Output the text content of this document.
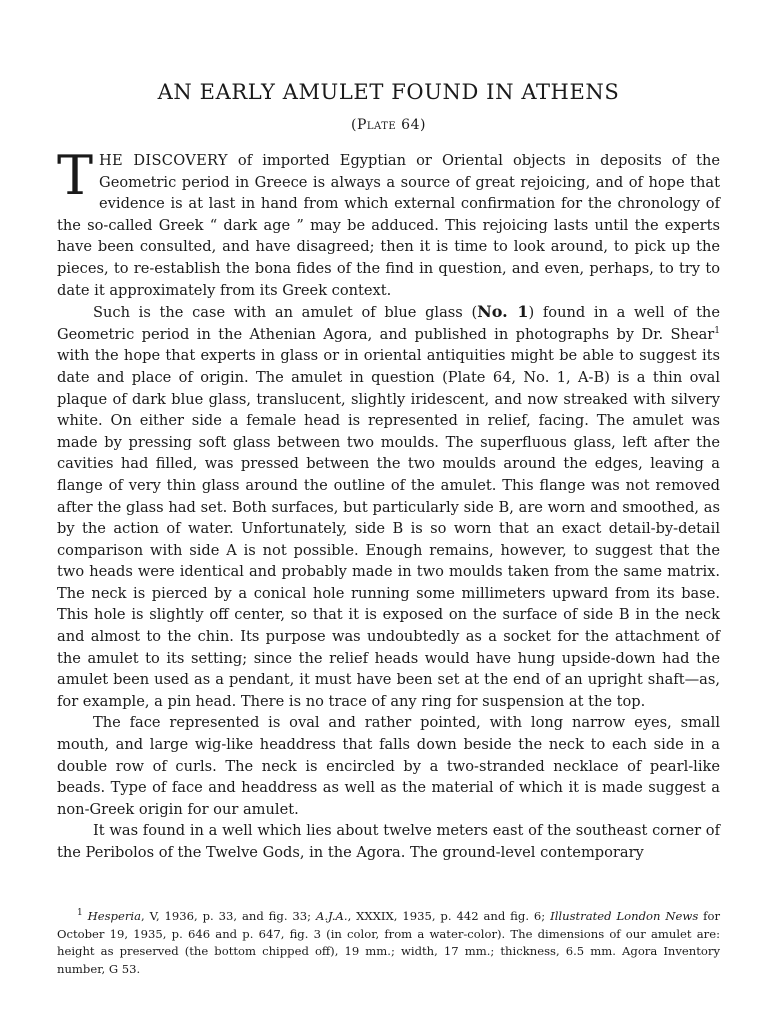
AN EARLY AMULET FOUND IN ATHENS
(Plate 64)

THE DISCOVERY of imported Egyptian or Oriental objects in deposits of the Geometric period in Greece is always a source of great rejoicing, and of hope that evidence is at last in hand from which external confirmation for the chronology of the so-called Greek “ dark age ” may be adduced. This rejoicing lasts until the experts have been consulted, and have disagreed; then it is time to look around, to pick up the pieces, to re-establish the bona fides of the find in question, and even, perhaps, to try to date it approximately from its Greek context.

Such is the case with an amulet of blue glass (No. 1) found in a well of the Geometric period in the Athenian Agora, and published in photographs by Dr. Shear$^1$ with the hope that experts in glass or in oriental antiquities might be able to suggest its date and place of origin. The amulet in question (Plate 64, No. 1, A-B) is a thin oval plaque of dark blue glass, translucent, slightly iridescent, and now streaked with silvery white. On either side a female head is represented in relief, facing. The amulet was made by pressing soft glass between two moulds. The superfluous glass, left after the cavities had filled, was pressed between the two moulds around the edges, leaving a flange of very thin glass around the outline of the amulet. This flange was not removed after the glass had set. Both surfaces, but particularly side B, are worn and smoothed, as by the action of water. Unfortunately, side B is so worn that an exact detail-by-detail comparison with side A is not possible. Enough remains, however, to suggest that the two heads were identical and probably made in two moulds taken from the same matrix. The neck is pierced by a conical hole running some millimeters upward from its base. This hole is slightly off center, so that it is exposed on the surface of side B in the neck and almost to the chin. Its purpose was undoubtedly as a socket for the attachment of the amulet to its setting; since the relief heads would have hung upside-down had the amulet been used as a pendant, it must have been set at the end of an upright shaft—as, for example, a pin head. There is no trace of any ring for suspension at the top.

The face represented is oval and rather pointed, with long narrow eyes, small mouth, and large wig-like headdress that falls down beside the neck to each side in a double row of curls. The neck is encircled by a two-stranded necklace of pearl-like beads. Type of face and headdress as well as the material of which it is made suggest a non-Greek origin for our amulet.

It was found in a well which lies about twelve meters east of the southeast corner of the Peribolos of the Twelve Gods, in the Agora. The ground-level contemporary

$^1$ Hesperia, V, 1936, p. 33, and fig. 33; A.J.A., XXXIX, 1935, p. 442 and fig. 6; Illustrated London News for October 19, 1935, p. 646 and p. 647, fig. 3 (in color, from a water-color). The dimensions of our amulet are: height as preserved (the bottom chipped off), 19 mm.; width, 17 mm.; thickness, 6.5 mm. Agora Inventory number, G 53.
